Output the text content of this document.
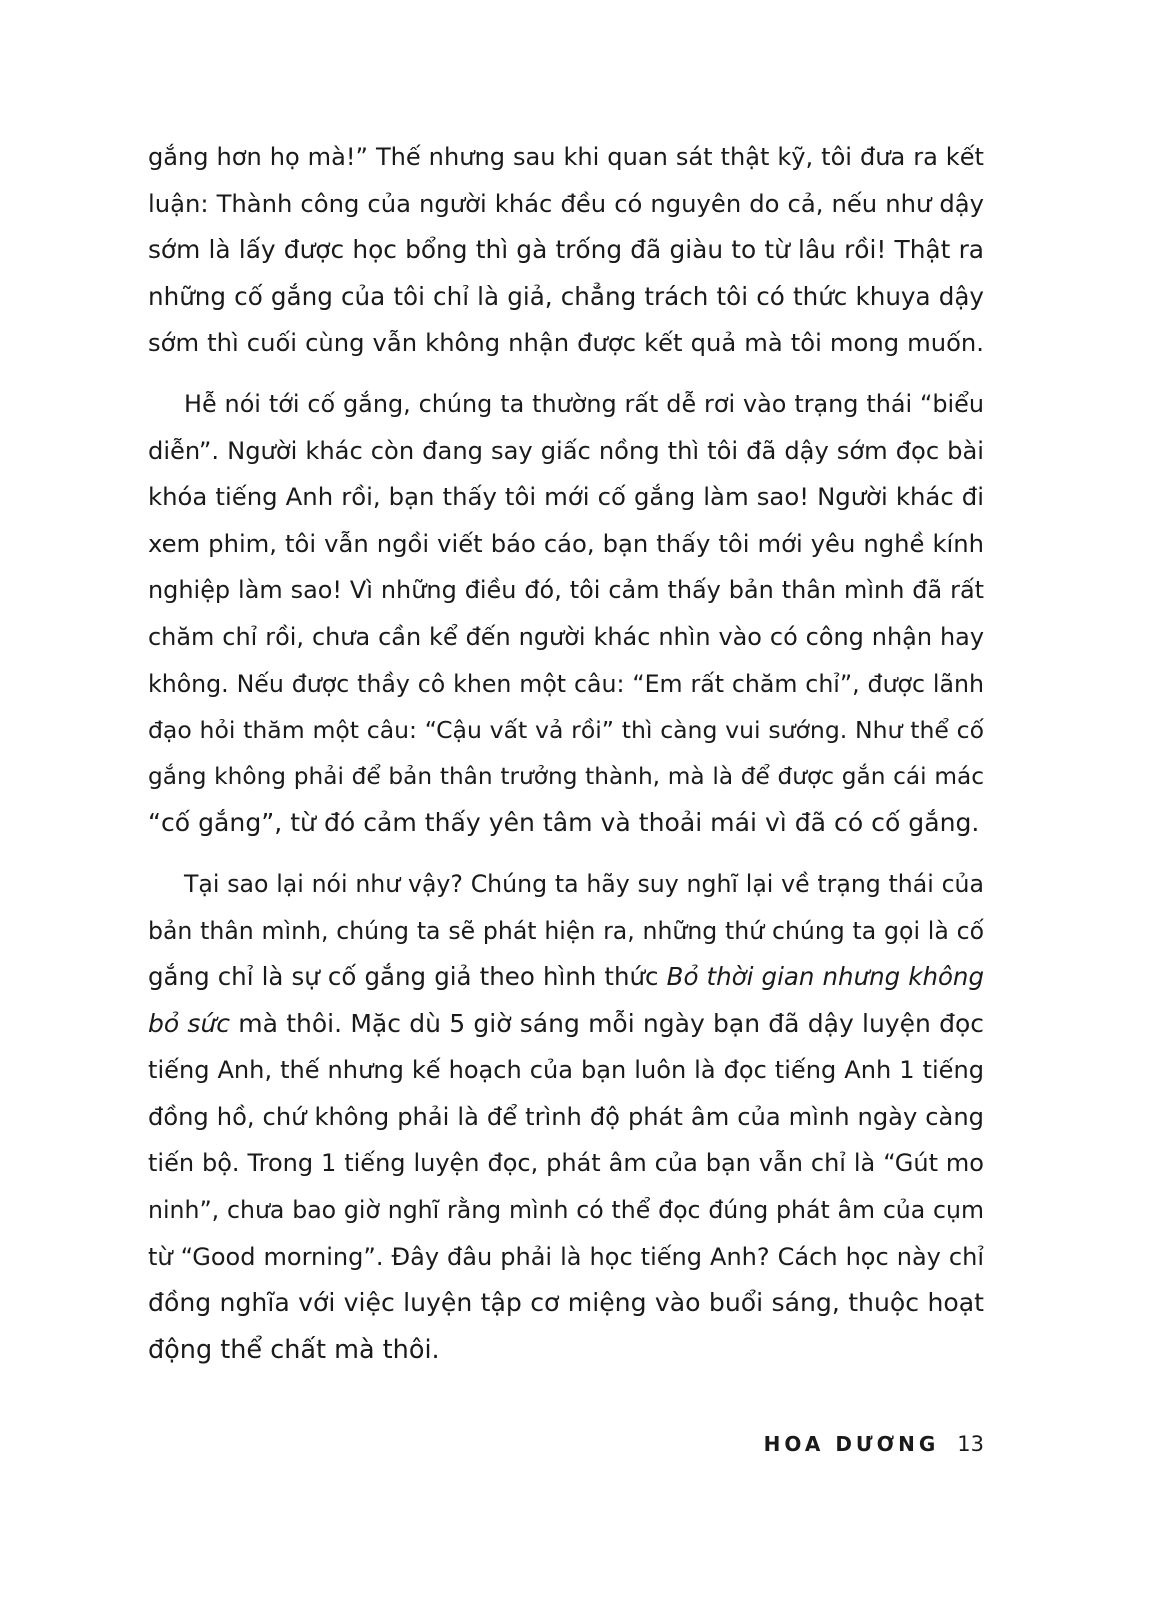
gắng hơn họ mà!” Thế nhưng sau khi quan sát thật kỹ, tôi đưa ra kết
luận: Thành công của người khác đều có nguyên do cả, nếu như dậy
sớm là lấy được học bổng thì gà trống đã giàu to từ lâu rồi! Thật ra
những cố gắng của tôi chỉ là giả, chẳng trách tôi có thức khuya dậy
sớm thì cuối cùng vẫn không nhận được kết quả mà tôi mong muốn.
Hễ nói tới cố gắng, chúng ta thường rất dễ rơi vào trạng thái “biểu
diễn”. Người khác còn đang say giấc nồng thì tôi đã dậy sớm đọc bài
khóa tiếng Anh rồi, bạn thấy tôi mới cố gắng làm sao! Người khác đi
xem phim, tôi vẫn ngồi viết báo cáo, bạn thấy tôi mới yêu nghề kính
nghiệp làm sao! Vì những điều đó, tôi cảm thấy bản thân mình đã rất
chăm chỉ rồi, chưa cần kể đến người khác nhìn vào có công nhận hay
không. Nếu được thầy cô khen một câu: “Em rất chăm chỉ”, được lãnh
đạo hỏi thăm một câu: “Cậu vất vả rồi” thì càng vui sướng. Như thể cố
gắng không phải để bản thân trưởng thành, mà là để được gắn cái mác
“cố gắng”, từ đó cảm thấy yên tâm và thoải mái vì đã có cố gắng.
Tại sao lại nói như vậy? Chúng ta hãy suy nghĩ lại về trạng thái của
bản thân mình, chúng ta sẽ phát hiện ra, những thứ chúng ta gọi là cố
gắng chỉ là sự cố gắng giả theo hình thức Bỏ thời gian nhưng không
bỏ sức mà thôi. Mặc dù 5 giờ sáng mỗi ngày bạn đã dậy luyện đọc
tiếng Anh, thế nhưng kế hoạch của bạn luôn là đọc tiếng Anh 1 tiếng
đồng hồ, chứ không phải là để trình độ phát âm của mình ngày càng
tiến bộ. Trong 1 tiếng luyện đọc, phát âm của bạn vẫn chỉ là “Gút mo
ninh”, chưa bao giờ nghĩ rằng mình có thể đọc đúng phát âm của cụm
từ “Good morning”. Đây đâu phải là học tiếng Anh? Cách học này chỉ
đồng nghĩa với việc luyện tập cơ miệng vào buổi sáng, thuộc hoạt
động thể chất mà thôi.
HOA DƯƠNG 13
